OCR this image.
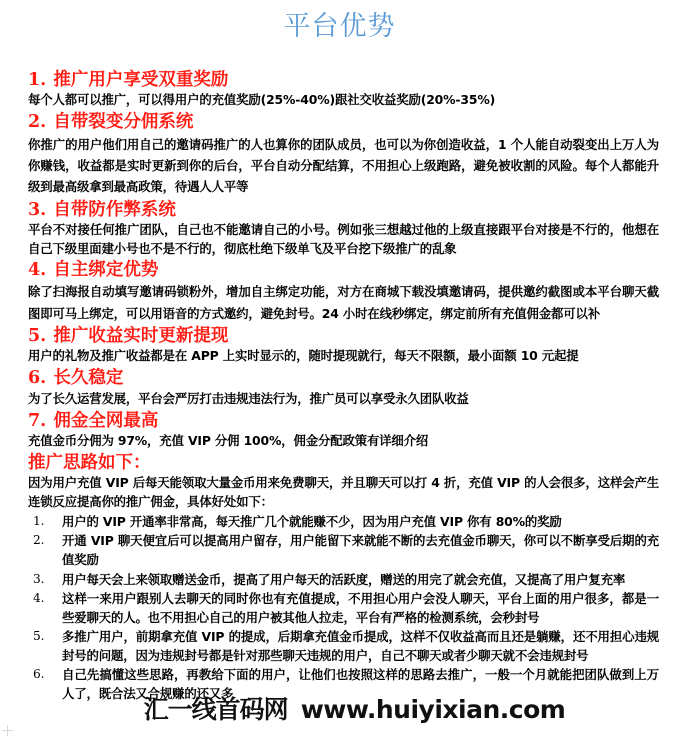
平台优势
1. 推广用户享受双重奖励

每个人都可以推广，可以得用户的充值奖励(25%-40%)跟社交收益奖励(20%-35%)

2. 自带裂变分佣系统

你推广的用户他们用自己的邀请码推广的人也算你的团队成员，也可以为你创造收益，1 个人能自动裂变出上万人为你赚钱，收益都是实时更新到你的后台，平台自动分配结算，不用担心上级跑路，避免被收割的风险。每个人都能升级到最高级拿到最高政策，待遇人人平等

3. 自带防作弊系统

平台不对接任何推广团队，自己也不能邀请自己的小号。例如张三想越过他的上级直接跟平台对接是不行的，他想在自己下级里面建小号也不是不行的，彻底杜绝下级单飞及平台挖下级推广的乱象

4. 自主绑定优势

除了扫海报自动填写邀请码锁粉外，增加自主绑定功能，对方在商城下载没填邀请码，提供邀约截图或本平台聊天截图即可马上绑定，可以用语音的方式邀约，避免封号。24 小时在线秒绑定，绑定前所有充值佣金都可以补

5. 推广收益实时更新提现

用户的礼物及推广收益都是在 APP 上实时显示的，随时提现就行，每天不限额，最小面额 10 元起提

6. 长久稳定

为了长久运营发展，平台会严厉打击违规违法行为，推广员可以享受永久团队收益

7. 佣金全网最高

充值金币分佣为 97%，充值 VIP 分佣 100%，佣金分配政策有详细介绍

推广思路如下：

因为用户充值 VIP 后每天能领取大量金币用来免费聊天，并且聊天可以打 4 折，充值 VIP 的人会很多，这样会产生连锁反应提高你的推广佣金，具体好处如下：

用户的 VIP 开通率非常高，每天推广几个就能赚不少，因为用户充值 VIP 你有 80%的奖励
开通 VIP 聊天便宜后可以提高用户留存，用户能留下来就能不断的去充值金币聊天，你可以不断享受后期的充值奖励
用户每天会上来领取赠送金币，提高了用户每天的活跃度，赠送的用完了就会充值，又提高了用户复充率
这样一来用户跟别人去聊天的同时你也有充值提成，不用担心用户会没人聊天，平台上面的用户很多，都是一些爱聊天的人。也不用担心自己的用户被其他人拉走，平台有严格的检测系统，会秒封号
多推广用户，前期拿充值 VIP 的提成，后期拿充值金币提成，这样不仅收益高而且还是躺赚，还不用担心违规封号的问题，因为违规封号都是针对那些聊天违规的用户，自己不聊天或者少聊天就不会违规封号
自己先搞懂这些思路，再教给下面的用户，让他们也按照这样的思路去推广，一般一个月就能把团队做到上万人了，既合法又合规赚的还又多
汇一线首码网 www.huiyixian.com
